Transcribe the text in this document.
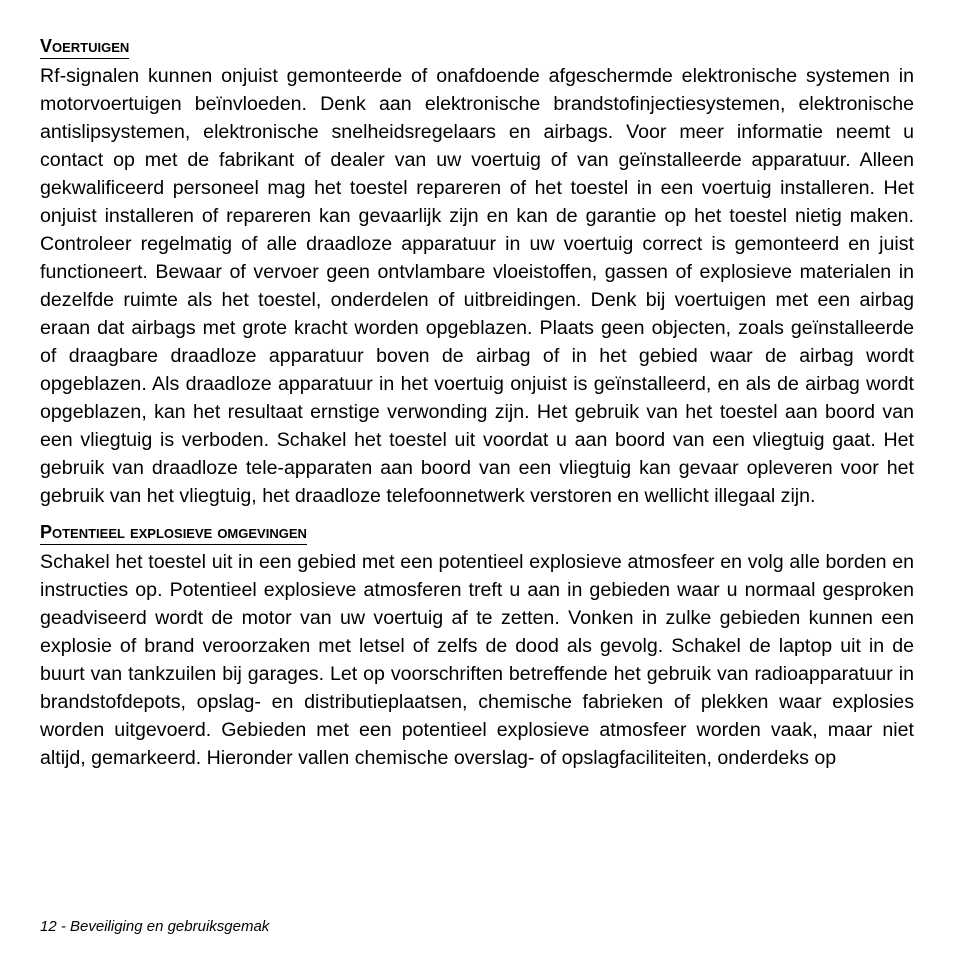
Voertuigen

Rf-signalen kunnen onjuist gemonteerde of onafdoende afgeschermde elektronische systemen in motorvoertuigen beïnvloeden. Denk aan elektronische brandstofinjectiesystemen, elektronische antislipsystemen, elektronische snelheidsregelaars en airbags. Voor meer informatie neemt u contact op met de fabrikant of dealer van uw voertuig of van geïnstalleerde apparatuur. Alleen gekwalificeerd personeel mag het toestel repareren of het toestel in een voertuig installeren. Het onjuist installeren of repareren kan gevaarlijk zijn en kan de garantie op het toestel nietig maken. Controleer regelmatig of alle draadloze apparatuur in uw voertuig correct is gemonteerd en juist functioneert. Bewaar of vervoer geen ontvlambare vloeistoffen, gassen of explosieve materialen in dezelfde ruimte als het toestel, onderdelen of uitbreidingen. Denk bij voertuigen met een airbag eraan dat airbags met grote kracht worden opgeblazen. Plaats geen objecten, zoals geïnstalleerde of draagbare draadloze apparatuur boven de airbag of in het gebied waar de airbag wordt opgeblazen. Als draadloze apparatuur in het voertuig onjuist is geïnstalleerd, en als de airbag wordt opgeblazen, kan het resultaat ernstige verwonding zijn. Het gebruik van het toestel aan boord van een vliegtuig is verboden. Schakel het toestel uit voordat u aan boord van een vliegtuig gaat. Het gebruik van draadloze tele-apparaten aan boord van een vliegtuig kan gevaar opleveren voor het gebruik van het vliegtuig, het draadloze telefoonnetwerk verstoren en wellicht illegaal zijn.

Potentieel explosieve omgevingen

Schakel het toestel uit in een gebied met een potentieel explosieve atmosfeer en volg alle borden en instructies op. Potentieel explosieve atmosferen treft u aan in gebieden waar u normaal gesproken geadviseerd wordt de motor van uw voertuig af te zetten. Vonken in zulke gebieden kunnen een explosie of brand veroorzaken met letsel of zelfs de dood als gevolg. Schakel de laptop uit in de buurt van tankzuilen bij garages. Let op voorschriften betreffende het gebruik van radioapparatuur in brandstofdepots, opslag- en distributieplaatsen, chemische fabrieken of plekken waar explosies worden uitgevoerd. Gebieden met een potentieel explosieve atmosfeer worden vaak, maar niet altijd, gemarkeerd. Hieronder vallen chemische overslag- of opslagfaciliteiten, onderdeks op

12 - Beveiliging en gebruiksgemak
